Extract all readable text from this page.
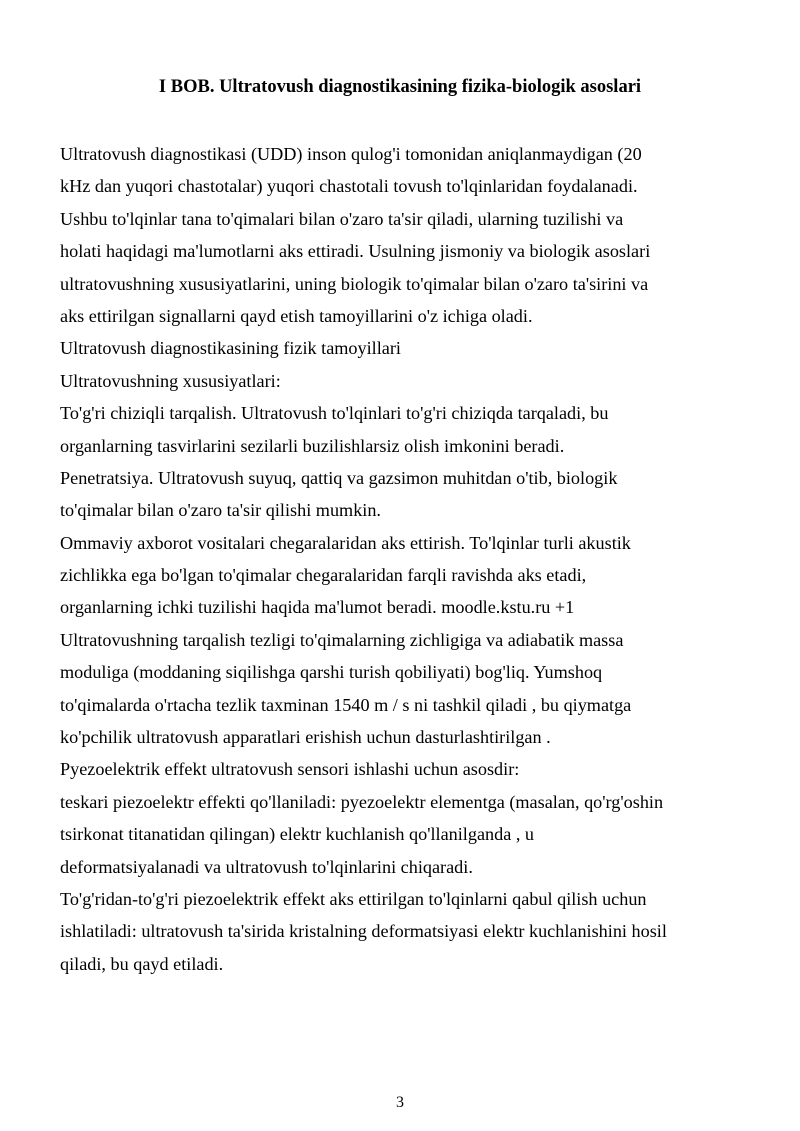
I BOB. Ultratovush diagnostikasining fizika-biologik asoslari
Ultratovush diagnostikasi (UDD) inson qulog'i tomonidan aniqlanmaydigan (20
kHz dan yuqori chastotalar) yuqori chastotali tovush to'lqinlaridan foydalanadi.
Ushbu to'lqinlar tana to'qimalari bilan o'zaro ta'sir qiladi, ularning tuzilishi va
holati haqidagi ma'lumotlarni aks ettiradi. Usulning jismoniy va biologik asoslari
ultratovushning xususiyatlarini, uning biologik to'qimalar bilan o'zaro ta'sirini va
aks ettirilgan signallarni qayd etish tamoyillarini o'z ichiga oladi.
Ultratovush diagnostikasining fizik tamoyillari
Ultratovushning xususiyatlari:
To'g'ri chiziqli tarqalish. Ultratovush to'lqinlari to'g'ri chiziqda tarqaladi, bu
organlarning tasvirlarini sezilarli buzilishlarsiz olish imkonini beradi.
Penetratsiya. Ultratovush suyuq, qattiq va gazsimon muhitdan o'tib, biologik
to'qimalar bilan o'zaro ta'sir qilishi mumkin.
Ommaviy axborot vositalari chegaralaridan aks ettirish. To'lqinlar turli akustik
zichlikka ega bo'lgan to'qimalar chegaralaridan farqli ravishda aks etadi,
organlarning ichki tuzilishi haqida ma'lumot beradi. moodle.kstu.ru +1
Ultratovushning tarqalish tezligi to'qimalarning zichligiga va adiabatik massa
moduliga (moddaning siqilishga qarshi turish qobiliyati) bog'liq. Yumshoq
to'qimalarda o'rtacha tezlik taxminan 1540 m / s ni tashkil qiladi , bu qiymatga
ko'pchilik ultratovush apparatlari erishish uchun dasturlashtirilgan .
Pyezoelektrik effekt ultratovush sensori ishlashi uchun asosdir:
teskari piezoelektr effekti qo'llaniladi: pyezoelektr elementga (masalan, qo'rg'oshin
tsirkonat titanatidan qilingan) elektr kuchlanish qo'llanilganda , u
deformatsiyalanadi va ultratovush to'lqinlarini chiqaradi.
To'g'ridan-to'g'ri piezoelektrik effekt aks ettirilgan to'lqinlarni qabul qilish uchun
ishlatiladi: ultratovush ta'sirida kristalning deformatsiyasi elektr kuchlanishini hosil
qiladi, bu qayd etiladi.
3
